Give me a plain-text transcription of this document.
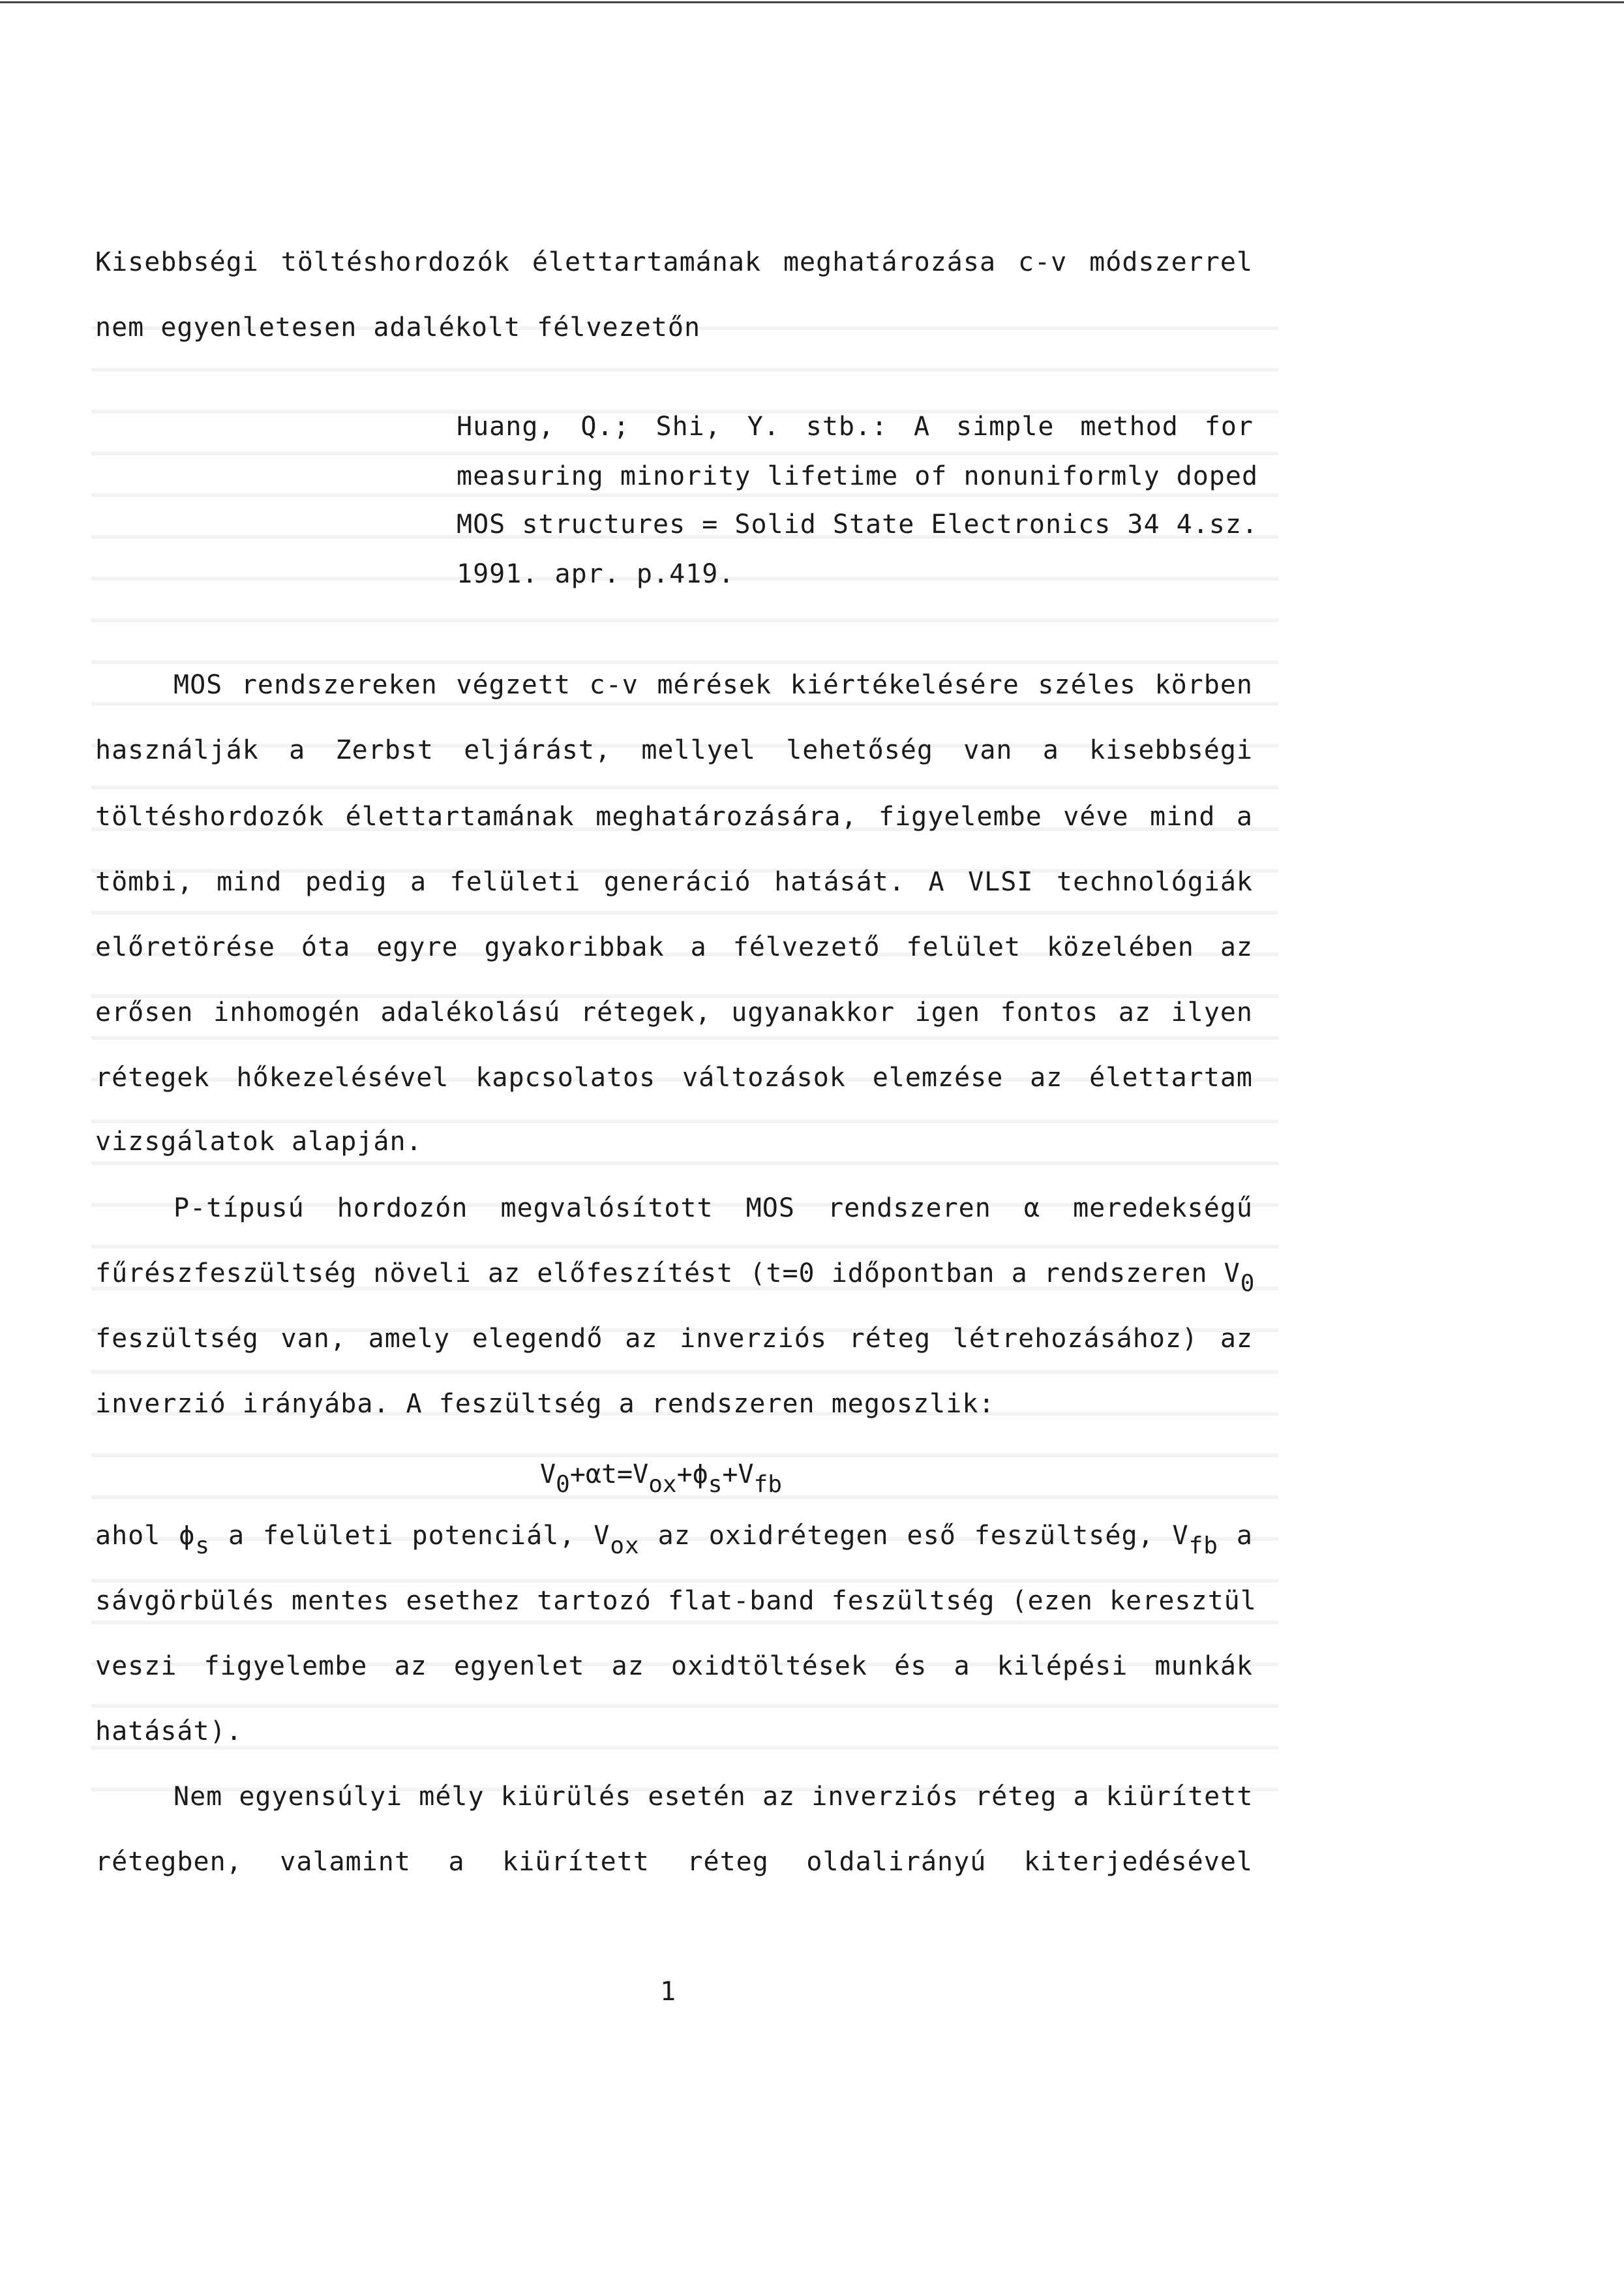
Kisebbségi töltéshordozók élettartamának meghatározása c-v módszerrel
nem egyenletesen adalékolt félvezetőn
Huang, Q.; Shi, Y. stb.: A simple method for
measuring minority lifetime of nonuniformly doped
MOS structures = Solid State Electronics 34 4.sz.
1991. apr. p.419.
MOS rendszereken végzett c-v mérések kiértékelésére széles körben
használják a Zerbst eljárást, mellyel lehetőség van a kisebbségi
töltéshordozók élettartamának meghatározására, figyelembe véve mind a
tömbi, mind pedig a felületi generáció hatását. A VLSI technológiák
előretörése óta egyre gyakoribbak a félvezető felület közelében az
erősen inhomogén adalékolású rétegek, ugyanakkor igen fontos az ilyen
rétegek hőkezelésével kapcsolatos változások elemzése az élettartam
vizsgálatok alapján.
P-típusú hordozón megvalósított MOS rendszeren α meredekségű
fűrészfeszültség növeli az előfeszítést (t=0 időpontban a rendszeren $V_0$
feszültség van, amely elegendő az inverziós réteg létrehozásához) az
inverzió irányába. A feszültség a rendszeren megoszlik:
$V_0+\alpha t=V_{ox}+\phi_s+V_{fb}$
ahol $\phi_s$ a felületi potenciál, $V_{ox}$ az oxidrétegen eső feszültség, $V_{fb}$ a
sávgörbülés mentes esethez tartozó flat-band feszültség (ezen keresztül
veszi figyelembe az egyenlet az oxidtöltések és a kilépési munkák
hatását).
Nem egyensúlyi mély kiürülés esetén az inverziós réteg a kiürített
rétegben, valamint a kiürített réteg oldalirányú kiterjedésével
1
